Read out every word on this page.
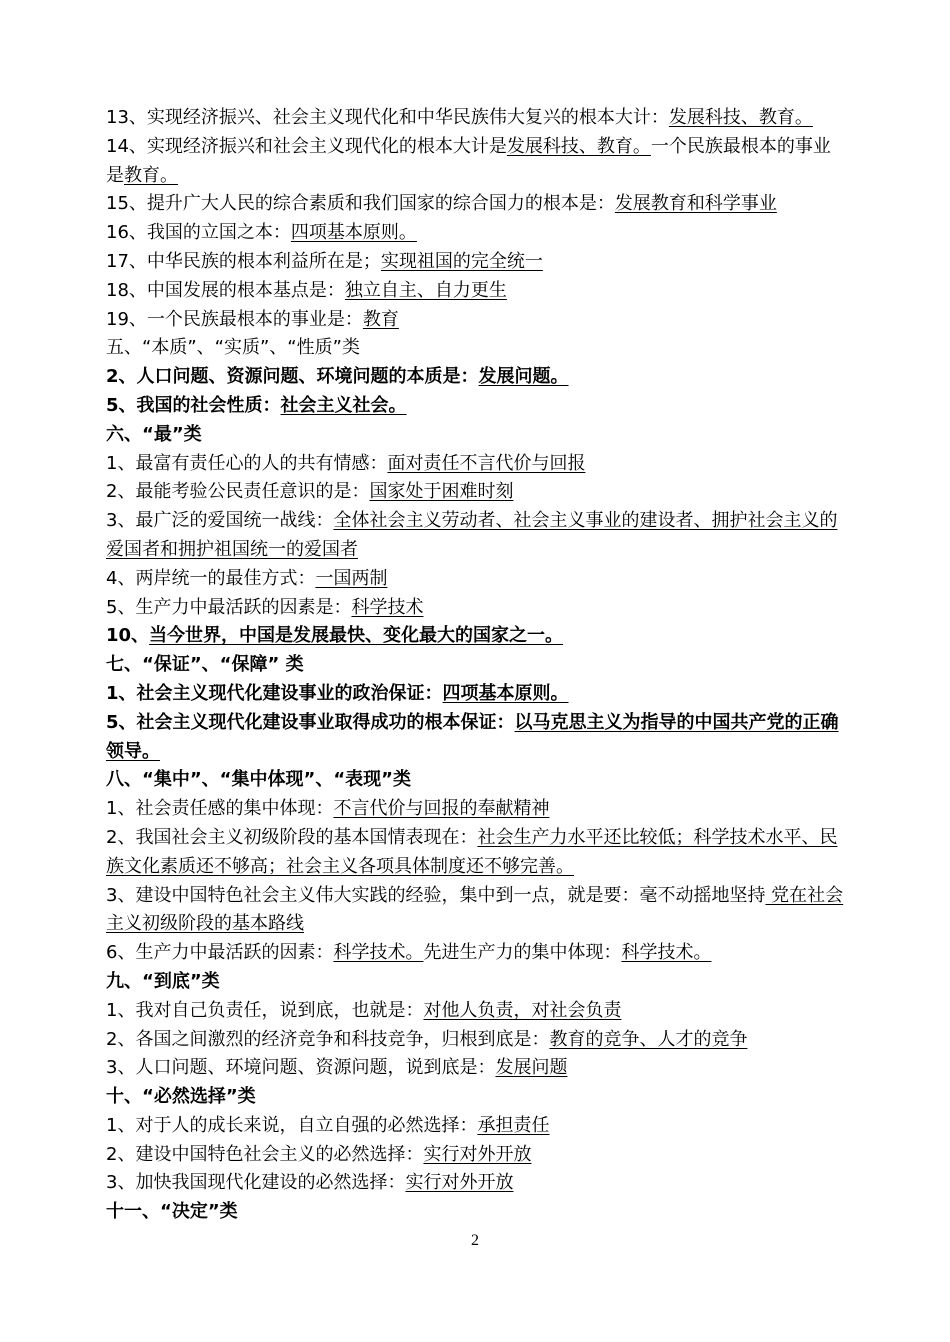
13、实现经济振兴、社会主义现代化和中华民族伟大复兴的根本大计：发展科技、教育。
14、实现经济振兴和社会主义现代化的根本大计是发展科技、教育。一个民族最根本的事业是教育。
15、提升广大人民的综合素质和我们国家的综合国力的根本是：发展教育和科学事业
16、我国的立国之本：四项基本原则。
17、中华民族的根本利益所在是；实现祖国的完全统一
18、中国发展的根本基点是：独立自主、自力更生
19、一个民族最根本的事业是：教育
五、“本质”、“实质”、“性质”类
2、人口问题、资源问题、环境问题的本质是：发展问题。
5、我国的社会性质：社会主义社会。
六、“最”类
1、最富有责任心的人的共有情感：面对责任不言代价与回报
2、最能考验公民责任意识的是：国家处于困难时刻
3、最广泛的爱国统一战线：全体社会主义劳动者、社会主义事业的建设者、拥护社会主义的爱国者和拥护祖国统一的爱国者
4、两岸统一的最佳方式：一国两制
5、生产力中最活跃的因素是：科学技术
10、当今世界，中国是发展最快、变化最大的国家之一。
七、“保证”、“保障” 类
1、社会主义现代化建设事业的政治保证：四项基本原则。
5、社会主义现代化建设事业取得成功的根本保证：以马克思主义为指导的中国共产党的正确领导。
八、“集中”、“集中体现”、“表现”类
1、社会责任感的集中体现：不言代价与回报的奉献精神
2、我国社会主义初级阶段的基本国情表现在：社会生产力水平还比较低；科学技术水平、民族文化素质还不够高；社会主义各项具体制度还不够完善。
3、建设中国特色社会主义伟大实践的经验，集中到一点，就是要：毫不动摇地坚持 党在社会主义初级阶段的基本路线
6、生产力中最活跃的因素：科学技术。先进生产力的集中体现：科学技术。
九、“到底”类
1、我对自己负责任，说到底，也就是：对他人负责，对社会负责
2、各国之间激烈的经济竞争和科技竞争，归根到底是：教育的竞争、人才的竞争
3、人口问题、环境问题、资源问题，说到底是：发展问题
十、“必然选择”类
1、对于人的成长来说，自立自强的必然选择：承担责任
2、建设中国特色社会主义的必然选择：实行对外开放
3、加快我国现代化建设的必然选择：实行对外开放
十一、“决定”类
2
